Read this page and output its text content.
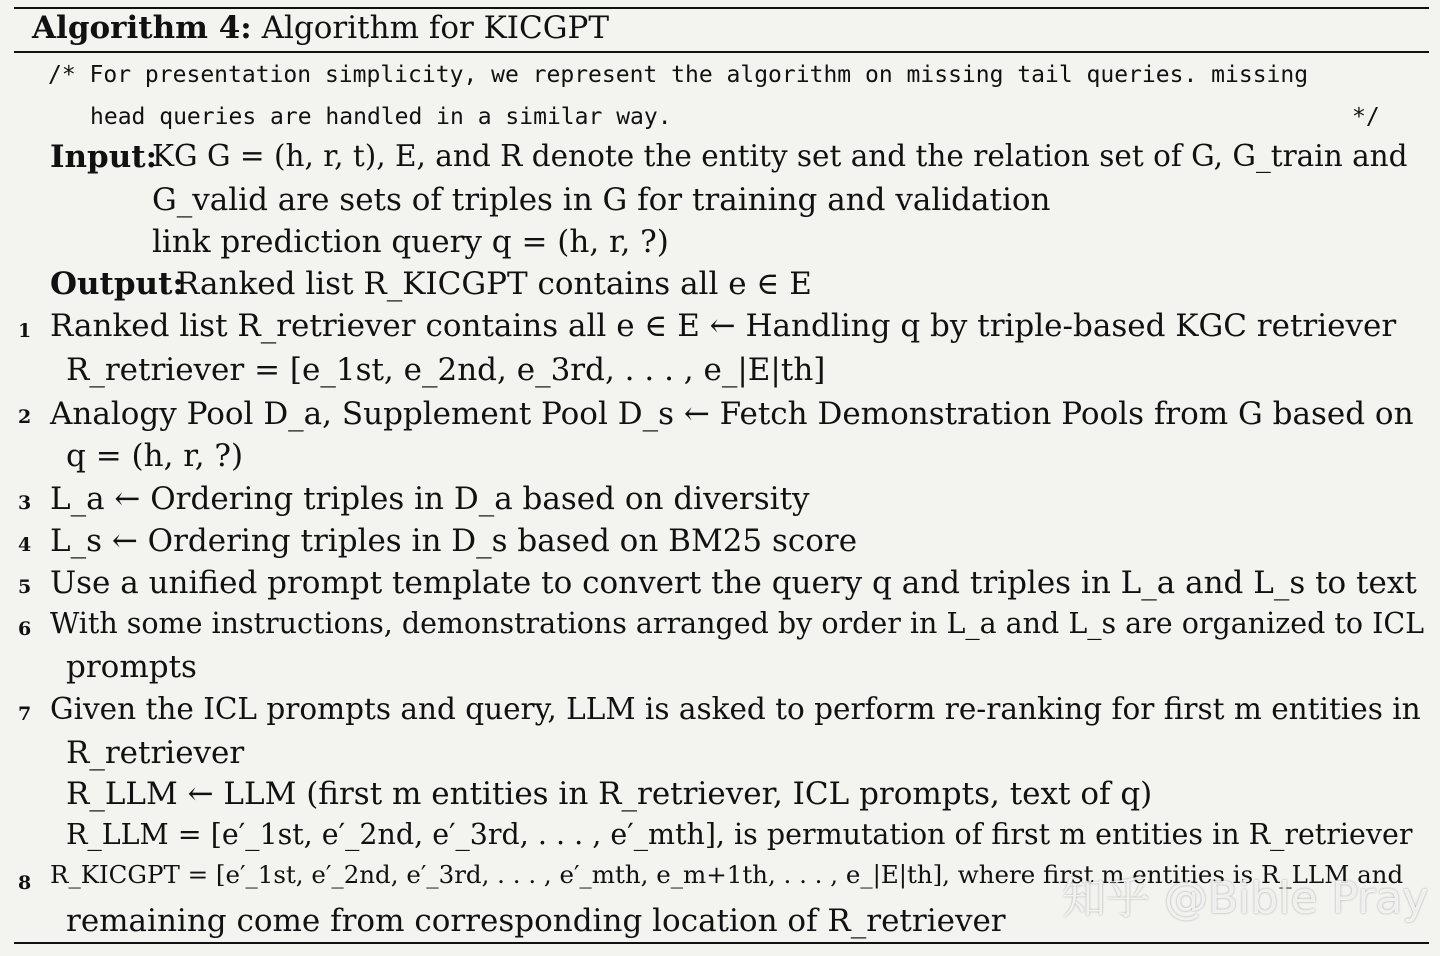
Algorithm 4: Algorithm for KICGPT
/* For presentation simplicity, we represent the algorithm on missing tail queries. missing
head queries are handled in a similar way.	*/
Input:
KG G = (h, r, t), E, and R denote the entity set and the relation set of G, G_train and
G_valid are sets of triples in G for training and validation
link prediction query q = (h, r, ?)
Output:
Ranked list R_KICGPT contains all e ∈ E
1 Ranked list R_retriever contains all e ∈ E ← Handling q by triple-based KGC retriever
R_retriever = [e_1st, e_2nd, e_3rd, . . . , e_|E|th]
2 Analogy Pool D_a, Supplement Pool D_s ← Fetch Demonstration Pools from G based on
q = (h, r, ?)
3 L_a ← Ordering triples in D_a based on diversity
4 L_s ← Ordering triples in D_s based on BM25 score
5 Use a unified prompt template to convert the query q and triples in L_a and L_s to text
6 With some instructions, demonstrations arranged by order in L_a and L_s are organized to ICL
prompts
7 Given the ICL prompts and query, LLM is asked to perform re-ranking for first m entities in
R_retriever
R_LLM ← LLM (first m entities in R_retriever, ICL prompts, text of q)
R_LLM = [e′_1st, e′_2nd, e′_3rd, . . . , e′_mth], is permutation of first m entities in R_retriever
8 R_KICGPT = [e′_1st, e′_2nd, e′_3rd, . . . , e′_mth, e_m+1th, . . . , e_|E|th], where first m entities is R_LLM and
remaining come from corresponding location of R_retriever 知乎 @Bible Pray
